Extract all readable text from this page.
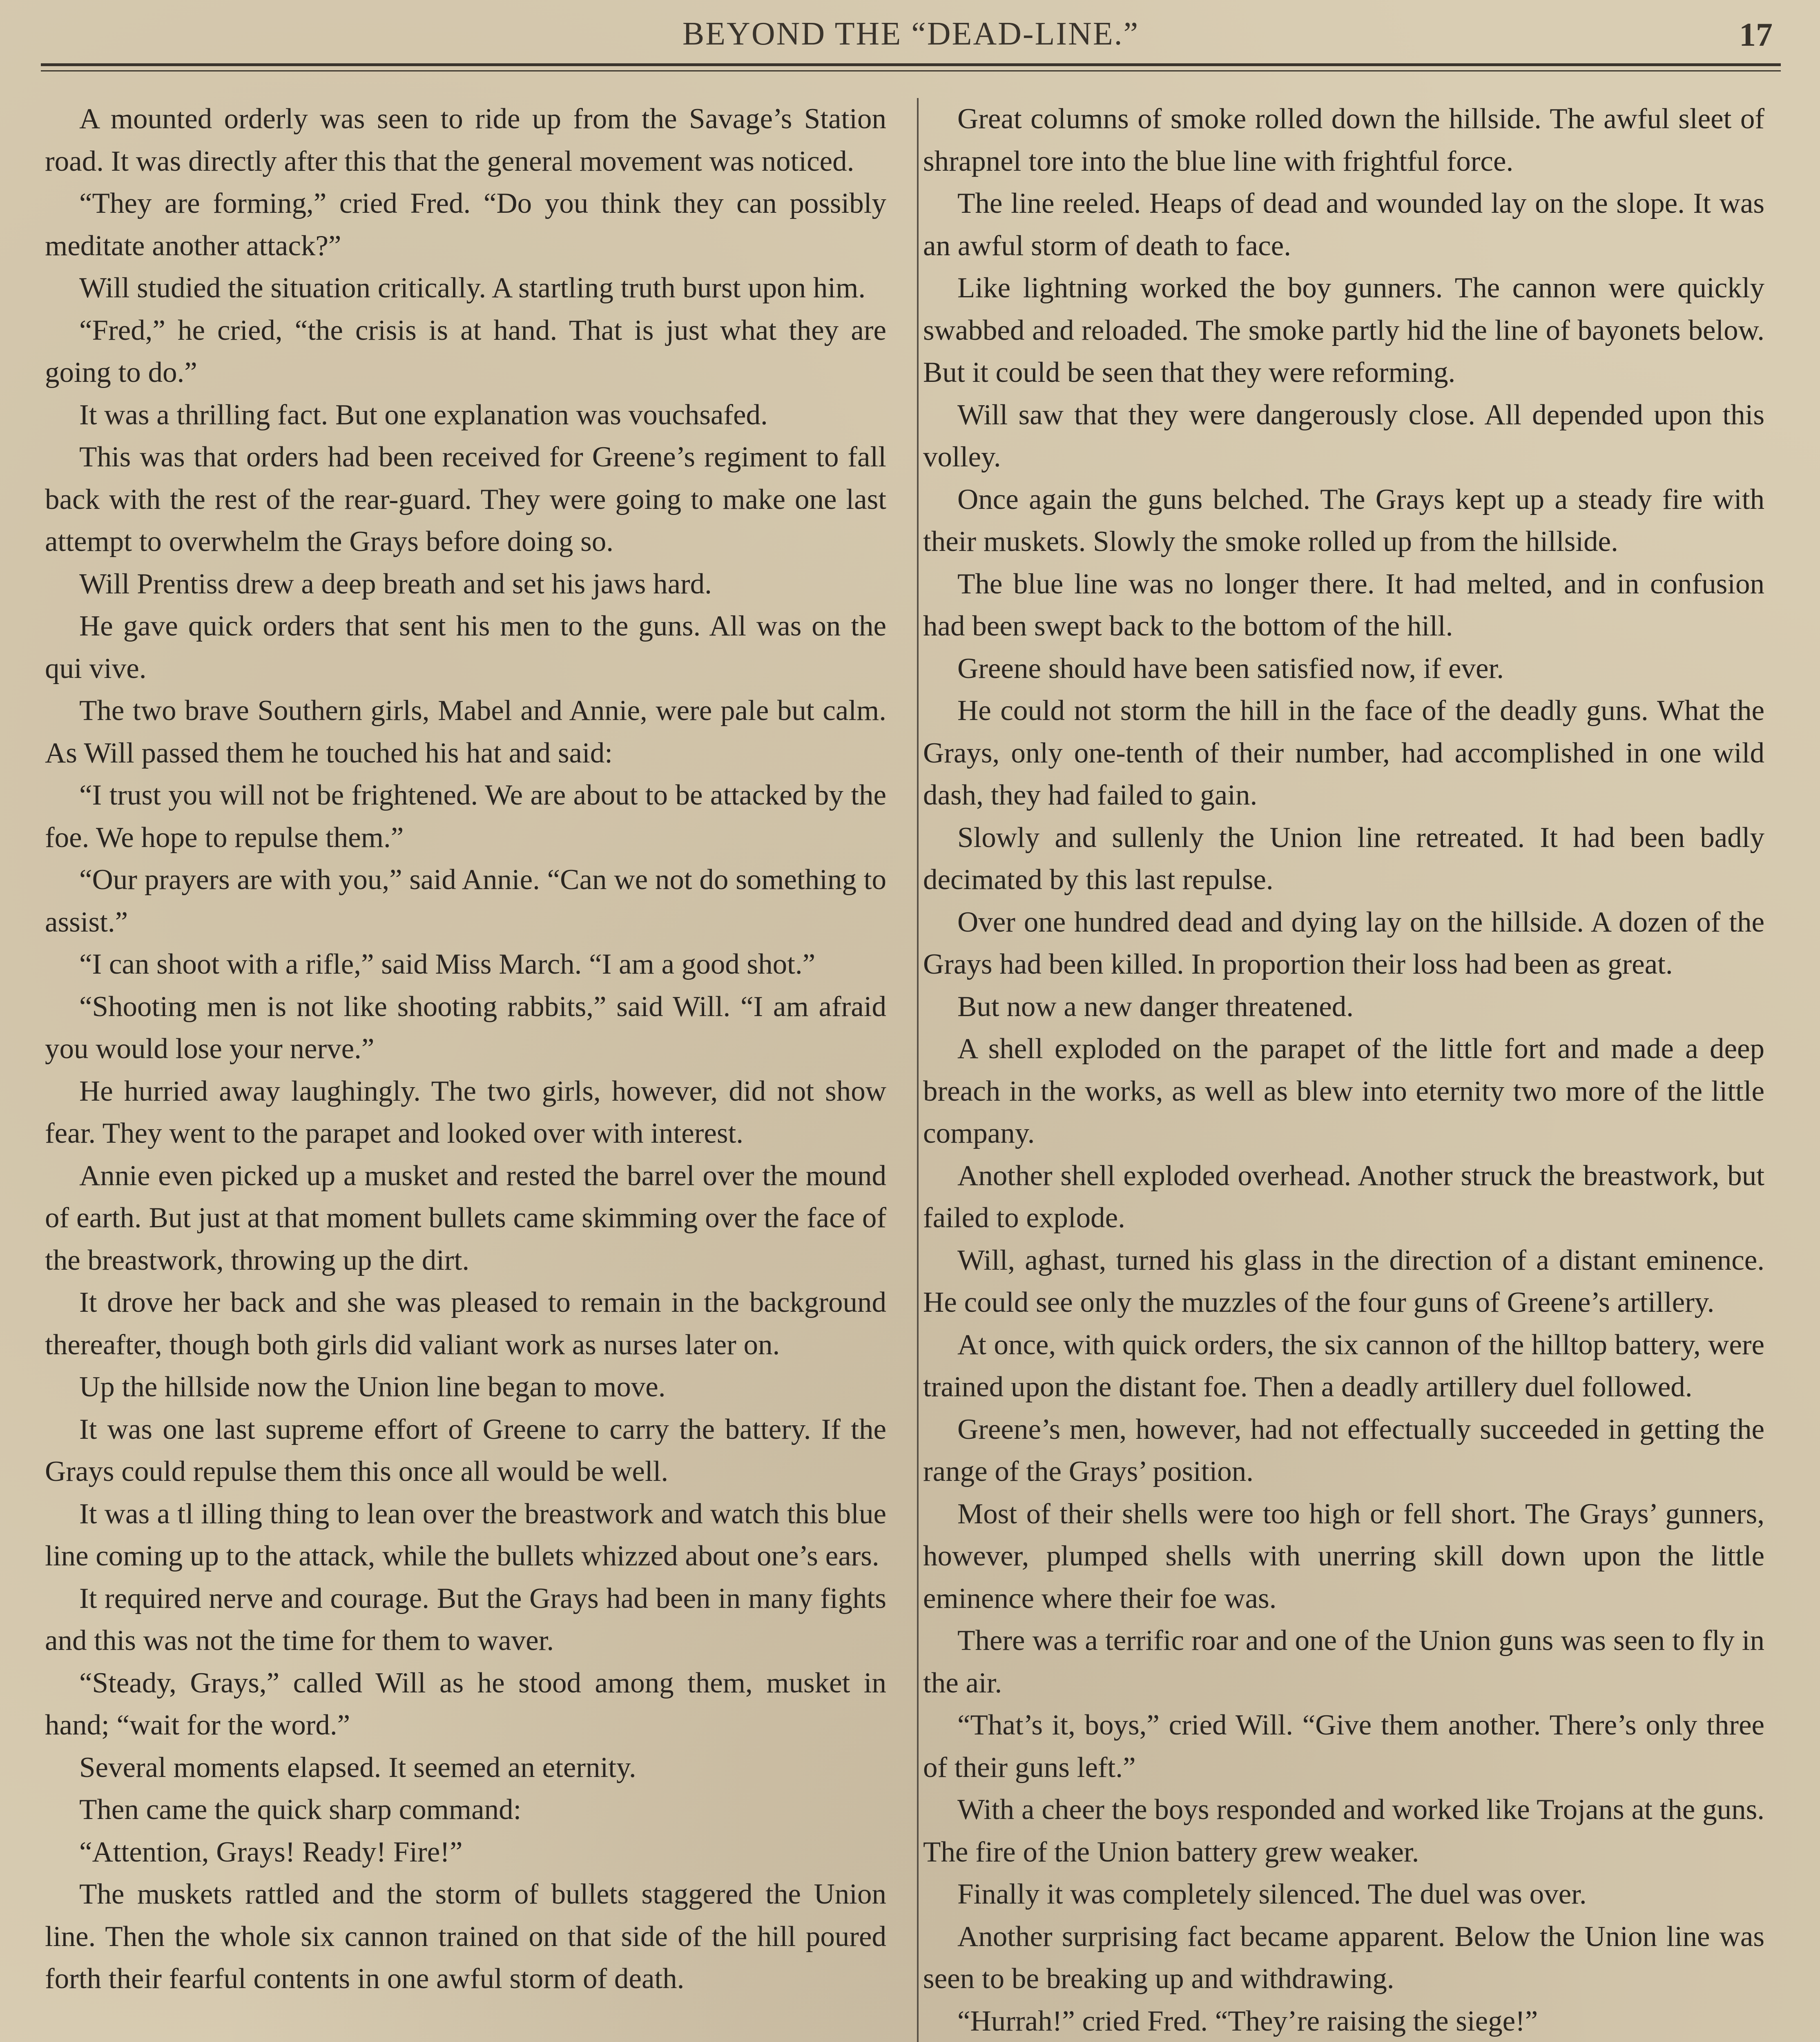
BEYOND THE “DEAD-LINE.”	17

A mounted orderly was seen to ride up from the Savage’s Station road. It was directly after this that the general movement was noticed.

“They are forming,” cried Fred. “Do you think they can possibly meditate another attack?”

Will studied the situation critically. A startling truth burst upon him.

“Fred,” he cried, “the crisis is at hand. That is just what they are going to do.”

It was a thrilling fact. But one explanation was vouchsafed.

This was that orders had been received for Greene’s regiment to fall back with the rest of the rear-guard. They were going to make one last attempt to overwhelm the Grays before doing so.

Will Prentiss drew a deep breath and set his jaws hard.

He gave quick orders that sent his men to the guns. All was on the qui vive.

The two brave Southern girls, Mabel and Annie, were pale but calm. As Will passed them he touched his hat and said:

“I trust you will not be frightened. We are about to be attacked by the foe. We hope to repulse them.”

“Our prayers are with you,” said Annie. “Can we not do something to assist.”

“I can shoot with a rifle,” said Miss March. “I am a good shot.”

“Shooting men is not like shooting rabbits,” said Will. “I am afraid you would lose your nerve.”

He hurried away laughingly. The two girls, however, did not show fear. They went to the parapet and looked over with interest.

Annie even picked up a musket and rested the barrel over the mound of earth. But just at that moment bullets came skimming over the face of the breastwork, throwing up the dirt.

It drove her back and she was pleased to remain in the background thereafter, though both girls did valiant work as nurses later on.

Up the hillside now the Union line began to move.

It was one last supreme effort of Greene to carry the battery. If the Grays could repulse them this once all would be well.

It was a tl illing thing to lean over the breastwork and watch this blue line coming up to the attack, while the bullets whizzed about one’s ears.

It required nerve and courage. But the Grays had been in many fights and this was not the time for them to waver.

“Steady, Grays,” called Will as he stood among them, musket in hand; “wait for the word.”

Several moments elapsed. It seemed an eternity.

Then came the quick sharp command:

“Attention, Grays! Ready! Fire!”

The muskets rattled and the storm of bullets staggered the Union line. Then the whole six cannon trained on that side of the hill poured forth their fearful contents in one awful storm of death.

Great columns of smoke rolled down the hillside. The awful sleet of shrapnel tore into the blue line with frightful force.

The line reeled. Heaps of dead and wounded lay on the slope. It was an awful storm of death to face.

Like lightning worked the boy gunners. The cannon were quickly swabbed and reloaded. The smoke partly hid the line of bayonets below. But it could be seen that they were reforming.

Will saw that they were dangerously close. All depended upon this volley.

Once again the guns belched. The Grays kept up a steady fire with their muskets. Slowly the smoke rolled up from the hillside.

The blue line was no longer there. It had melted, and in confusion had been swept back to the bottom of the hill.

Greene should have been satisfied now, if ever.

He could not storm the hill in the face of the deadly guns. What the Grays, only one-tenth of their number, had accomplished in one wild dash, they had failed to gain.

Slowly and sullenly the Union line retreated. It had been badly decimated by this last repulse.

Over one hundred dead and dying lay on the hillside. A dozen of the Grays had been killed. In proportion their loss had been as great.

But now a new danger threatened.

A shell exploded on the parapet of the little fort and made a deep breach in the works, as well as blew into eternity two more of the little company.

Another shell exploded overhead. Another struck the breastwork, but failed to explode.

Will, aghast, turned his glass in the direction of a distant eminence. He could see only the muzzles of the four guns of Greene’s artillery.

At once, with quick orders, the six cannon of the hilltop battery, were trained upon the distant foe. Then a deadly artillery duel followed.

Greene’s men, however, had not effectually succeeded in getting the range of the Grays’ position.

Most of their shells were too high or fell short. The Grays’ gunners, however, plumped shells with unerring skill down upon the little eminence where their foe was.

There was a terrific roar and one of the Union guns was seen to fly in the air.

“That’s it, boys,” cried Will. “Give them another. There’s only three of their guns left.”

With a cheer the boys responded and worked like Trojans at the guns. The fire of the Union battery grew weaker.

Finally it was completely silenced. The duel was over.

Another surprising fact became apparent. Below the Union line was seen to be breaking up and withdrawing.

“Hurrah!” cried Fred. “They’re raising the siege!”
